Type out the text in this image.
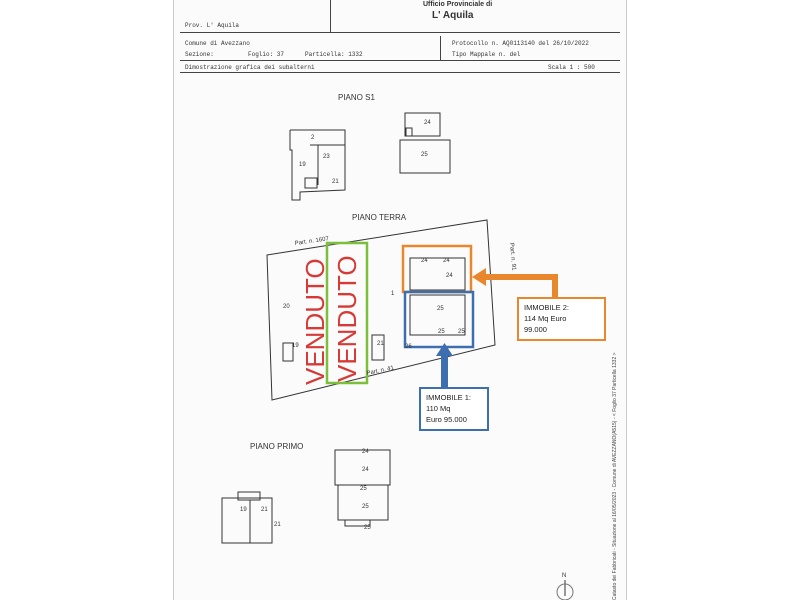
Prov. L' Aquila
Ufficio Provinciale di
L' Aquila
Comune di Avezzano
Sezione:	Foglio: 37	Particella: 1332
Protocollo n. AQ0113140 del 26/10/2022
Tipo Mappale n. del
Dimostrazione grafica dei subalterni	Scala 1 : 500
PIANO S1
PIANO TERRA
PIANO PRIMO
2
19
23
21
24
25
24	24
24
25
25 25
20
1
19	21	26
24
24
25
25
25
19 21
21
Part. n. 1607
Part. n. 91
Part. n. 41
N
VENDUTO VENDUTO	IMMOBILE 2:
114 Mq Euro
99.000
IMMOBILE 1:
110 Mq
Euro 95.000	Catasto dei Fabbricati - Situazione al 16/05/2023 - Comune di AVEZZANO(A515) - < Foglio 37 Particella 1332 >
